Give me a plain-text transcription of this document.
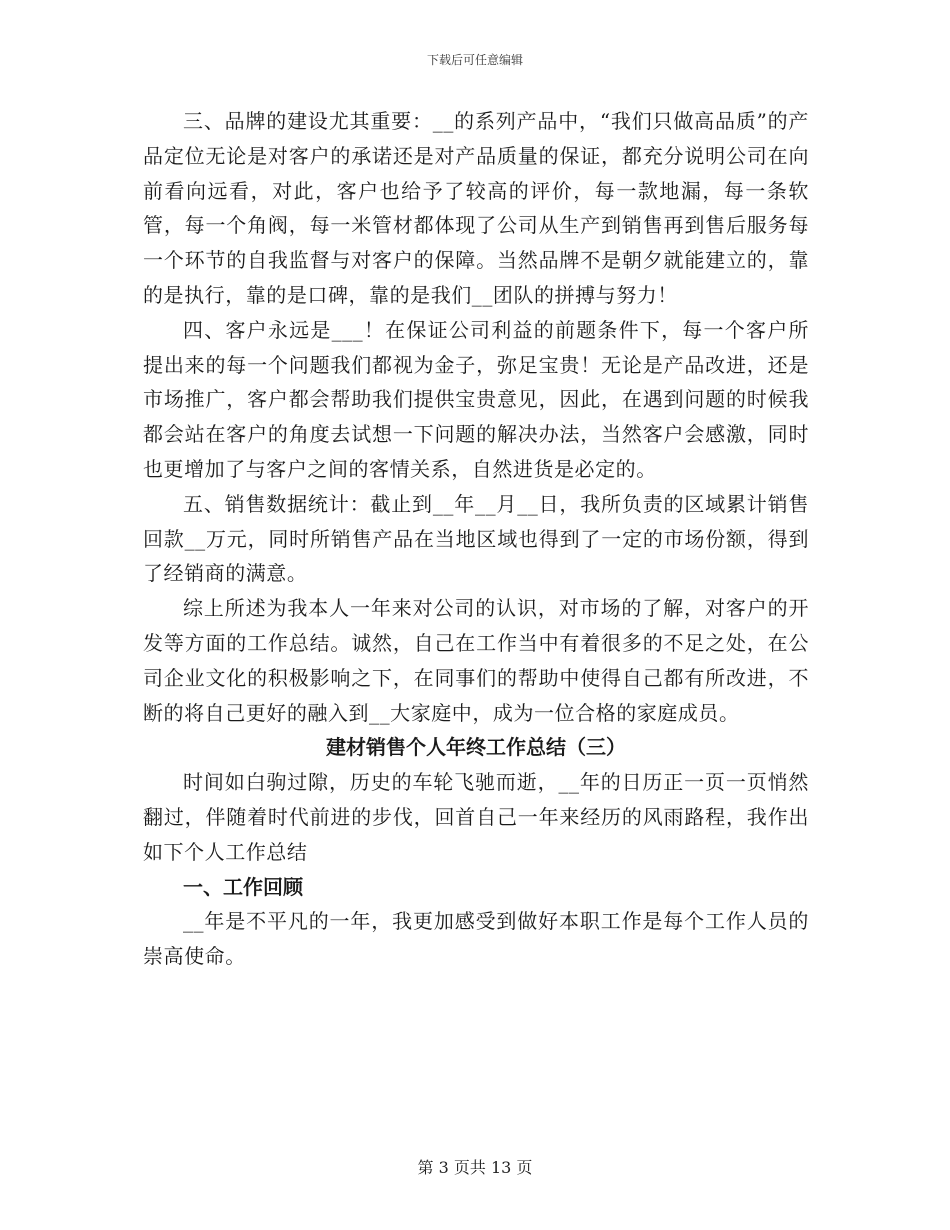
下载后可任意编辑

三、品牌的建设尤其重要：__的系列产品中，“我们只做高品质”的产品定位无论是对客户的承诺还是对产品质量的保证，都充分说明公司在向前看向远看，对此，客户也给予了较高的评价，每一款地漏，每一条软管，每一个角阀，每一米管材都体现了公司从生产到销售再到售后服务每一个环节的自我监督与对客户的保障。当然品牌不是朝夕就能建立的，靠的是执行，靠的是口碑，靠的是我们__团队的拼搏与努力！

四、客户永远是___！在保证公司利益的前题条件下，每一个客户所提出来的每一个问题我们都视为金子，弥足宝贵！无论是产品改进，还是市场推广，客户都会帮助我们提供宝贵意见，因此，在遇到问题的时候我都会站在客户的角度去试想一下问题的解决办法，当然客户会感激，同时也更增加了与客户之间的客情关系，自然进货是必定的。

五、销售数据统计：截止到__年__月__日，我所负责的区域累计销售回款__万元，同时所销售产品在当地区域也得到了一定的市场份额，得到了经销商的满意。

综上所述为我本人一年来对公司的认识，对市场的了解，对客户的开发等方面的工作总结。诚然，自己在工作当中有着很多的不足之处，在公司企业文化的积极影响之下，在同事们的帮助中使得自己都有所改进，不断的将自己更好的融入到__大家庭中，成为一位合格的家庭成员。

建材销售个人年终工作总结（三）

时间如白驹过隙，历史的车轮飞驰而逝，__年的日历正一页一页悄然翻过，伴随着时代前进的步伐，回首自己一年来经历的风雨路程，我作出如下个人工作总结

一、工作回顾

__年是不平凡的一年，我更加感受到做好本职工作是每个工作人员的崇高使命。

第 3 页共 13 页
